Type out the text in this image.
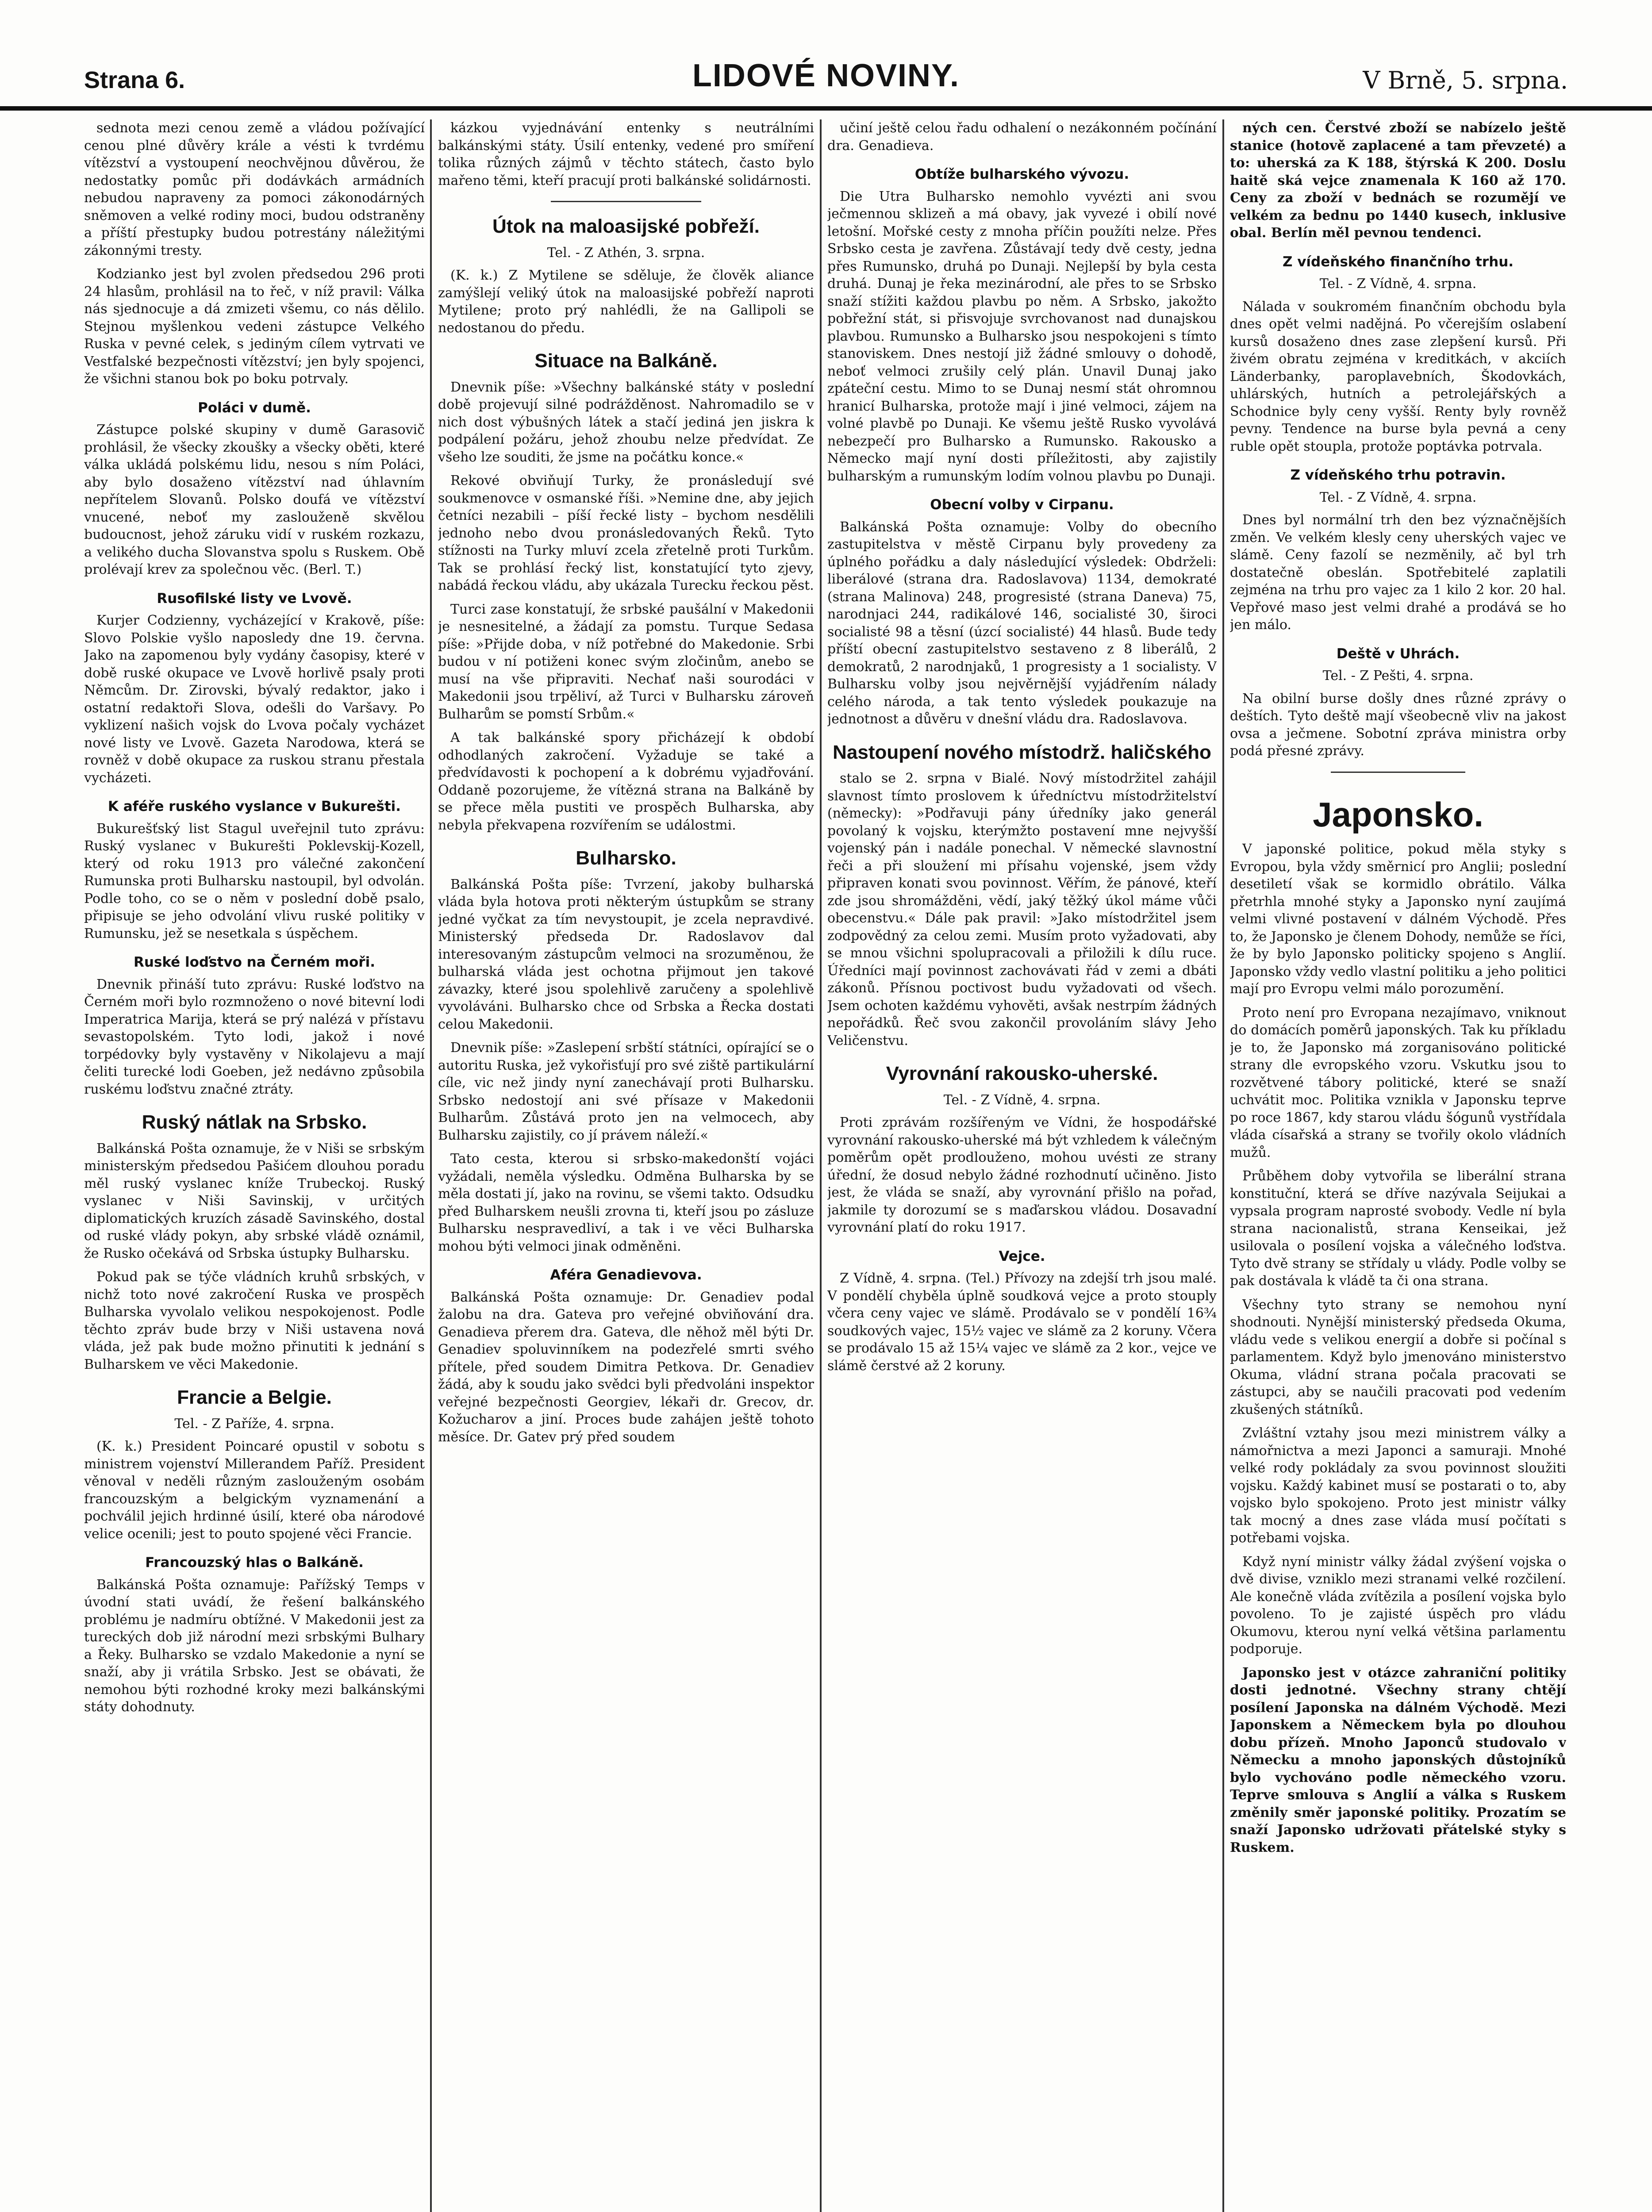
Strana 6.	LIDOVÉ NOVINY.	V Brně, 5. srpna.

sednota mezi cenou země a vládou požívající cenou plné důvěry krále a vésti k tvrdému vítězství a vystoupení neochvějnou důvěrou, že nedostatky pomůc při dodávkách armádních nebudou napraveny za pomoci zákonodárných sněmoven a velké rodiny moci, budou odstraněny a příští přestupky budou potrestány náležitými zákonnými tresty.

Kodzianko jest byl zvolen předsedou 296 proti 24 hlasům, prohlásil na to řeč, v níž pravil: Válka nás sjednocuje a dá zmizeti všemu, co nás dělilo. Stejnou myšlenkou vedeni zástupce Velkého Ruska v pevné celek, s jediným cílem vytrvati ve Vestfalské bezpečnosti vítězství; jen byly spojenci, že všichni stanou bok po boku potrvaly.

Poláci v dumě.

Zástupce polské skupiny v dumě Garasovič prohlásil, že všecky zkoušky a všecky oběti, které válka ukládá polskému lidu, nesou s ním Poláci, aby bylo dosaženo vítězství nad úhlavním nepřítelem Slovanů. Polsko doufá ve vítězství vnucené, neboť my zaslouženě skvělou budoucnost, jehož záruku vidí v ruském rozkazu, a velikého ducha Slovanstva spolu s Ruskem. Obě prolévají krev za společnou věc. (Berl. T.)

Rusofilské listy ve Lvově.

Kurjer Codzienny, vycházející v Krakově, píše: Slovo Polskie vyšlo naposledy dne 19. června. Jako na zapomenou byly vydány časopisy, které v době ruské okupace ve Lvově horlivě psaly proti Němcům. Dr. Zirovski, bývalý redaktor, jako i ostatní redaktoři Slova, odešli do Varšavy. Po vyklizení našich vojsk do Lvova počaly vycházet nové listy ve Lvově. Gazeta Narodowa, která se rovněž v době okupace za ruskou stranu přestala vycházeti.

K aféře ruského vyslance v Bukurešti.

Bukurešťský list Stagul uveřejnil tuto zprávu: Ruský vyslanec v Bukurešti Poklevskij-Kozell, který od roku 1913 pro válečné zakončení Rumunska proti Bulharsku nastoupil, byl odvolán. Podle toho, co se o něm v poslední době psalo, připisuje se jeho odvolání vlivu ruské politiky v Rumunsku, jež se nesetkala s úspěchem.

Ruské loďstvo na Černém moři.

Dnevnik přináší tuto zprávu: Ruské loďstvo na Černém moři bylo rozmnoženo o nové bitevní lodi Imperatrica Marija, která se prý nalézá v přístavu sevastopolském. Tyto lodi, jakož i nové torpédovky byly vystavěny v Nikolajevu a mají čeliti turecké lodi Goeben, jež nedávno způsobila ruskému loďstvu značné ztráty.

Ruský nátlak na Srbsko.

Balkánská Pošta oznamuje, že v Niši se srbským ministerským předsedou Pašićem dlouhou poradu měl ruský vyslanec kníže Trubeckoj. Ruský vyslanec v Niši Savinskij, v určitých diplomatických kruzích zásadě Savinského, dostal od ruské vlády pokyn, aby srbské vládě oznámil, že Rusko očekává od Srbska ústupky Bulharsku.

Pokud pak se týče vládních kruhů srbských, v nichž toto nové zakročení Ruska ve prospěch Bulharska vyvolalo velikou nespokojenost. Podle těchto zpráv bude brzy v Niši ustavena nová vláda, jež pak bude možno přinutiti k jednání s Bulharskem ve věci Makedonie.

Francie a Belgie.
Tel. - Z Paříže, 4. srpna.

(K. k.) President Poincaré opustil v sobotu s ministrem vojenství Millerandem Paříž. President věnoval v neděli různým zaslouženým osobám francouzským a belgickým vyznamenání a pochválil jejich hrdinné úsilí, které oba národové velice ocenili; jest to pouto spojené věci Francie.

Francouzský hlas o Balkáně.

Balkánská Pošta oznamuje: Pařížský Temps v úvodní stati uvádí, že řešení balkánského problému je nadmíru obtížné. V Makedonii jest za tureckých dob již národní mezi srbskými Bulhary a Řeky. Bulharsko se vzdalo Makedonie a nyní se snaží, aby ji vrátila Srbsko. Jest se obávati, že nemohou býti rozhodné kroky mezi balkánskými státy dohodnuty.

kázkou vyjednávání entenky s neutrálními balkánskými státy. Úsilí entenky, vedené pro smíření tolika různých zájmů v těchto státech, často bylo mařeno těmi, kteří pracují proti balkánské solidárnosti.

Útok na maloasijské pobřeží.
Tel. - Z Athén, 3. srpna.

(K. k.) Z Mytilene se sděluje, že člověk aliance zamýšlejí veliký útok na maloasijské pobřeží naproti Mytilene; proto prý nahlédli, že na Gallipoli se nedostanou do předu.

Situace na Balkáně.

Dnevnik píše: »Všechny balkánské státy v poslední době projevují silné podrážděnost. Nahromadilo se v nich dost výbušných látek a stačí jediná jen jiskra k podpálení požáru, jehož zhoubu nelze předvídat. Ze všeho lze souditi, že jsme na počátku konce.«

Rekové obviňují Turky, že pronásledují své soukmenovce v osmanské říši. »Nemine dne, aby jejich četníci nezabili – píší řecké listy – bychom nesdělili jednoho nebo dvou pronásledovaných Řeků. Tyto stížnosti na Turky mluví zcela zřetelně proti Turkům. Tak se prohlásí řecký list, konstatující tyto zjevy, nabádá řeckou vládu, aby ukázala Turecku řeckou pěst.

Turci zase konstatují, že srbské paušální v Makedonii je nesnesitelné, a žádají za pomstu. Turque Sedasa píše: »Přijde doba, v níž potřebné do Makedonie. Srbi budou v ní potiženi konec svým zločinům, anebo se musí na vše připraviti. Nechať naši sourodáci v Makedonii jsou trpěliví, až Turci v Bulharsku zároveň Bulharům se pomstí Srbům.«

A tak balkánské spory přicházejí k období odhodlaných zakročení. Vyžaduje se také a předvídavosti k pochopení a k dobrému vyjadřování. Oddaně pozorujeme, že vítězná strana na Balkáně by se přece měla pustiti ve prospěch Bulharska, aby nebyla překvapena rozvířením se událostmi.

Bulharsko.

Balkánská Pošta píše: Tvrzení, jakoby bulharská vláda byla hotova proti některým ústupkům se strany jedné vyčkat za tím nevystoupit, je zcela nepravdivé. Ministerský předseda Dr. Radoslavov dal interesovaným zástupcům velmoci na srozuměnou, že bulharská vláda jest ochotna přijmout jen takové závazky, které jsou spolehlivě zaručeny a spolehlivě vyvoláváni. Bulharsko chce od Srbska a Řecka dostati celou Makedonii.

Dnevnik píše: »Zaslepení srbští státníci, opírající se o autoritu Ruska, jež vykořisťují pro své ziště partikulární cíle, vic než jindy nyní zanechávají proti Bulharsku. Srbsko nedostojí ani své přísaze v Makedonii Bulharům. Zůstává proto jen na velmocech, aby Bulharsku zajistily, co jí právem náleží.«

Tato cesta, kterou si srbsko-makedonští vojáci vyžádali, neměla výsledku. Odměna Bulharska by se měla dostati jí, jako na rovinu, se všemi takto. Odsudku před Bulharskem neušli zrovna ti, kteří jsou po zásluze Bulharsku nespravedliví, a tak i ve věci Bulharska mohou býti velmoci jinak odměněni.

Aféra Genadievova.

Balkánská Pošta oznamuje: Dr. Genadiev podal žalobu na dra. Gateva pro veřejné obviňování dra. Genadieva přerem dra. Gateva, dle něhož měl býti Dr. Genadiev spoluvinníkem na podezřelé smrti svého přítele, před soudem Dimitra Petkova. Dr. Genadiev žádá, aby k soudu jako svědci byli předvoláni inspektor veřejné bezpečnosti Georgiev, lékaři dr. Grecov, dr. Kožucharov a jiní. Proces bude zahájen ještě tohoto měsíce. Dr. Gatev prý před soudem

učiní ještě celou řadu odhalení o nezákonném počínání dra. Genadieva.

Obtíže bulharského vývozu.

Die Utra Bulharsko nemohlo vyvézti ani svou ječmennou sklizeň a má obavy, jak vyvezé i obilí nové letošní. Mořské cesty z mnoha příčin použíti nelze. Přes Srbsko cesta je zavřena. Zůstávají tedy dvě cesty, jedna přes Rumunsko, druhá po Dunaji. Nejlepší by byla cesta druhá. Dunaj je řeka mezinárodní, ale přes to se Srbsko snaží stížiti každou plavbu po něm. A Srbsko, jakožto pobřežní stát, si přisvojuje svrchovanost nad dunajskou plavbou. Rumunsko a Bulharsko jsou nespokojeni s tímto stanoviskem. Dnes nestojí již žádné smlouvy o dohodě, neboť velmoci zrušily celý plán. Unavil Dunaj jako zpáteční cestu. Mimo to se Dunaj nesmí stát ohromnou hranicí Bulharska, protože mají i jiné velmoci, zájem na volné plavbě po Dunaji. Ke všemu ještě Rusko vyvolává nebezpečí pro Bulharsko a Rumunsko. Rakousko a Německo mají nyní dosti příležitosti, aby zajistily bulharským a rumunským lodím volnou plavbu po Dunaji.

Obecní volby v Cirpanu.

Balkánská Pošta oznamuje: Volby do obecního zastupitelstva v městě Cirpanu byly provedeny za úplného pořádku a daly následující výsledek: Obdrželi: liberálové (strana dra. Radoslavova) 1134, demokraté (strana Malinova) 248, progresisté (strana Daneva) 75, narodnjaci 244, radikálové 146, socialisté 30, široci socialisté 98 a těsní (úzcí socialisté) 44 hlasů. Bude tedy příští obecní zastupitelstvo sestaveno z 8 liberálů, 2 demokratů, 2 narodnjaků, 1 progresisty a 1 socialisty. V Bulharsku volby jsou nejvěrnější vyjádřením nálady celého národa, a tak tento výsledek poukazuje na jednotnost a důvěru v dnešní vládu dra. Radoslavova.

Nastoupení nového místodrž. haličského

stalo se 2. srpna v Bialé. Nový místodržitel zahájil slavnost tímto proslovem k úředníctvu místodržitelství (německy): »Podřavuji pány úředníky jako generál povolaný k vojsku, kterýmžto postavení mne nejvyšší vojenský pán i nadále ponechal. V německé slavnostní řeči a při sloužení mi přísahu vojenské, jsem vždy připraven konati svou povinnost. Věřím, že pánové, kteří zde jsou shromážděni, vědí, jaký těžký úkol máme vůči obecenstvu.« Dále pak pravil: »Jako místodržitel jsem zodpovědný za celou zemi. Musím proto vyžadovati, aby se mnou všichni spolupracovali a přiložili k dílu ruce. Úředníci mají povinnost zachovávati řád v zemi a dbáti zákonů. Přísnou poctivost budu vyžadovati od všech. Jsem ochoten každému vyhověti, avšak nestrpím žádných nepořádků. Řeč svou zakončil provoláním slávy Jeho Veličenstvu.

Vyrovnání rakousko-uherské.
Tel. - Z Vídně, 4. srpna.

Proti zprávám rozšířeným ve Vídni, že hospodářské vyrovnání rakousko-uherské má být vzhledem k válečným poměrům opět prodlouženo, mohou uvésti ze strany úřední, že dosud nebylo žádné rozhodnutí učiněno. Jisto jest, že vláda se snaží, aby vyrovnání přišlo na pořad, jakmile ty dorozumí se s maďarskou vládou. Dosavadní vyrovnání platí do roku 1917.

Vejce.

Z Vídně, 4. srpna. (Tel.) Přívozy na zdejší trh jsou malé. V pondělí chyběla úplně soudková vejce a proto stouply včera ceny vajec ve slámě. Prodávalo se v pondělí 16¾ soudkových vajec, 15½ vajec ve slámě za 2 koruny. Včera se prodávalo 15 až 15¼ vajec ve slámě za 2 kor., vejce ve slámě čerstvé až 2 koruny.

ných cen. Čerstvé zboží se nabízelo ještě stanice (hotově zaplacené a tam převzeté) a to: uherská za K 188, štýrská K 200. Doslu haitě ská vejce znamenala K 160 až 170. Ceny za zboží v bednách se rozumějí ve velkém za bednu po 1440 kusech, inklusive obal. Berlín měl pevnou tendenci.

Z vídeňského finančního trhu.
Tel. - Z Vídně, 4. srpna.

Nálada v soukromém finančním obchodu byla dnes opět velmi nadějná. Po včerejším oslabení kursů dosaženo dnes zase zlepšení kursů. Při živém obratu zejména v kreditkách, v akciích Länderbanky, paroplavebních, Škodovkách, uhlárských, hutních a petrolejářských a Schodnice byly ceny vyšší. Renty byly rovněž pevny. Tendence na burse byla pevná a ceny ruble opět stoupla, protože poptávka potrvala.

Z vídeňského trhu potravin.
Tel. - Z Vídně, 4. srpna.

Dnes byl normální trh den bez význačnějších změn. Ve velkém klesly ceny uherských vajec ve slámě. Ceny fazolí se nezměnily, ač byl trh dostatečně obeslán. Spotřebitelé zaplatili zejména na trhu pro vajec za 1 kilo 2 kor. 20 hal. Vepřové maso jest velmi drahé a prodává se ho jen málo.

Deště v Uhrách.
Tel. - Z Pešti, 4. srpna.

Na obilní burse došly dnes různé zprávy o deštích. Tyto deště mají všeobecně vliv na jakost ovsa a ječmene. Sobotní zpráva ministra orby podá přesné zprávy.

Japonsko.

V japonské politice, pokud měla styky s Evropou, byla vždy směrnicí pro Anglii; poslední desetiletí však se kormidlo obrátilo. Válka přetrhla mnohé styky a Japonsko nyní zaujímá velmi vlivné postavení v dálném Východě. Přes to, že Japonsko je členem Dohody, nemůže se říci, že by bylo Japonsko politicky spojeno s Anglií. Japonsko vždy vedlo vlastní politiku a jeho politici mají pro Evropu velmi málo porozumění.

Proto není pro Evropana nezajímavo, vniknout do domácích poměrů japonských. Tak ku příkladu je to, že Japonsko má zorganisováno politické strany dle evropského vzoru. Vskutku jsou to rozvětvené tábory politické, které se snaží uchvátit moc. Politika vznikla v Japonsku teprve po roce 1867, kdy starou vládu šógunů vystřídala vláda císařská a strany se tvořily okolo vládních mužů.

Průběhem doby vytvořila se liberální strana konstituční, která se dříve nazývala Seijukai a vypsala program naprosté svobody. Vedle ní byla strana nacionalistů, strana Kenseikai, jež usilovala o posílení vojska a válečného loďstva. Tyto dvě strany se střídaly u vlády. Podle volby se pak dostávala k vládě ta či ona strana.

Všechny tyto strany se nemohou nyní shodnouti. Nynější ministerský předseda Okuma, vládu vede s velikou energií a dobře si počínal s parlamentem. Když bylo jmenováno ministerstvo Okuma, vládní strana počala pracovati se zástupci, aby se naučili pracovati pod vedením zkušených státníků.

Zvláštní vztahy jsou mezi ministrem války a námořnictva a mezi Japonci a samuraji. Mnohé velké rody pokládaly za svou povinnost sloužiti vojsku. Každý kabinet musí se postarati o to, aby vojsko bylo spokojeno. Proto jest ministr války tak mocný a dnes zase vláda musí počítati s potřebami vojska.

Když nyní ministr války žádal zvýšení vojska o dvě divise, vzniklo mezi stranami velké rozčilení. Ale konečně vláda zvítězila a posílení vojska bylo povoleno. To je zajisté úspěch pro vládu Okumovu, kterou nyní velká většina parlamentu podporuje.

Japonsko jest v otázce zahraniční politiky dosti jednotné. Všechny strany chtějí posílení Japonska na dálném Východě. Mezi Japonskem a Německem byla po dlouhou dobu přízeň. Mnoho Japonců studovalo v Německu a mnoho japonských důstojníků bylo vychováno podle německého vzoru. Teprve smlouva s Anglií a válka s Ruskem změnily směr japonské politiky. Prozatím se snaží Japonsko udržovati přátelské styky s Ruskem.
